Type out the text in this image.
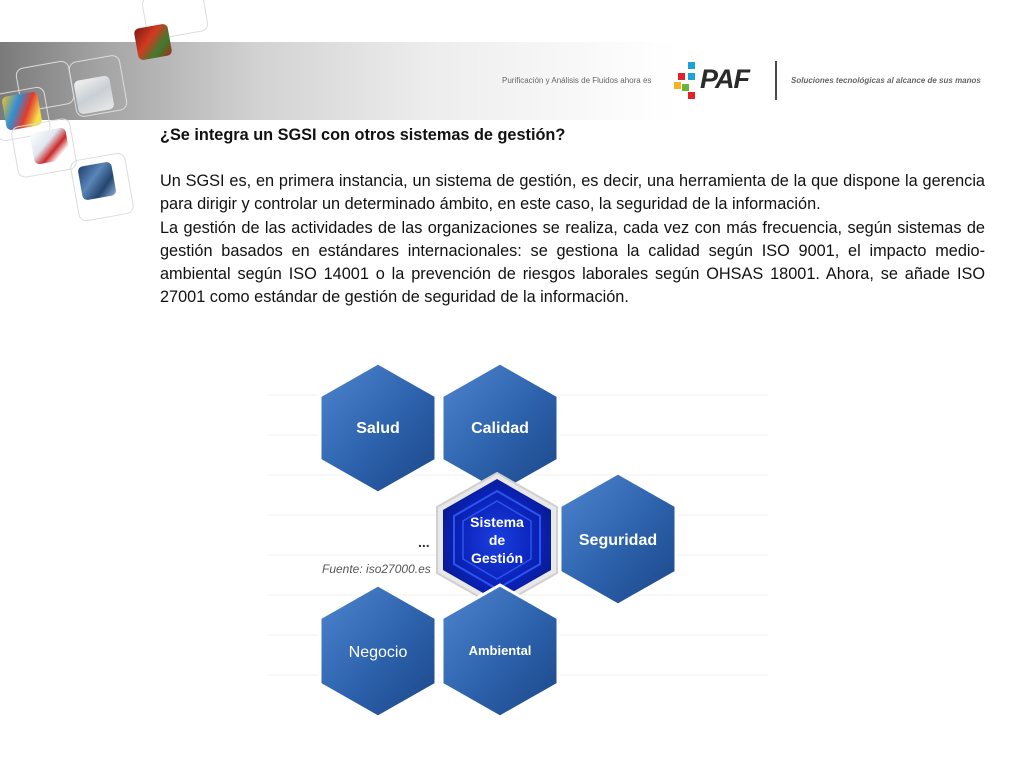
Purificación y Análisis de Fluidos ahora es PAF	Soluciones tecnológicas al alcance de sus manos

¿Se integra un SGSI con otros sistemas de gestión?

Un SGSI es, en primera instancia, un sistema de gestión, es decir, una herramienta de la que dispone la gerencia para dirigir y controlar un determinado ámbito, en este caso, la seguridad de la información.

La gestión de las actividades de las organizaciones se realiza, cada vez con más frecuencia, según sistemas de gestión basados en estándares internacionales: se gestiona la calidad según ISO 9001, el impacto medio-ambiental según ISO 14001 o la prevención de riesgos laborales según OHSAS 18001. Ahora, se añade ISO 27001 como estándar de gestión de seguridad de la información.

Salud	Calidad
Seguridad
Sistema
de
Gestión
...
Fuente: iso27000.es
Negocio	Ambiental
